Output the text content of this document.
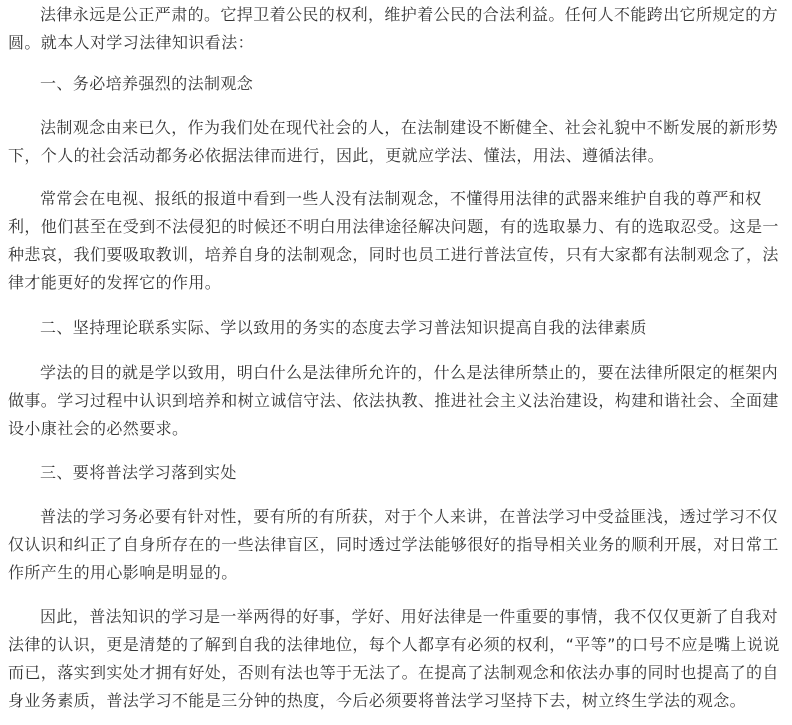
法律永远是公正严肃的。它捍卫着公民的权利，维护着公民的合法利益。任何人不能跨出它所规定的方圆。就本人对学习法律知识看法：

一、务必培养强烈的法制观念

法制观念由来已久，作为我们处在现代社会的人，在法制建设不断健全、社会礼貌中不断发展的新形势下，个人的社会活动都务必依据法律而进行，因此，更就应学法、懂法，用法、遵循法律。

常常会在电视、报纸的报道中看到一些人没有法制观念，不懂得用法律的武器来维护自我的尊严和权利，他们甚至在受到不法侵犯的时候还不明白用法律途径解决问题，有的选取暴力、有的选取忍受。这是一种悲哀，我们要吸取教训，培养自身的法制观念，同时也员工进行普法宣传，只有大家都有法制观念了，法律才能更好的发挥它的作用。

二、坚持理论联系实际、学以致用的务实的态度去学习普法知识提高自我的法律素质

学法的目的就是学以致用，明白什么是法律所允许的，什么是法律所禁止的，要在法律所限定的框架内做事。学习过程中认识到培养和树立诚信守法、依法执教、推进社会主义法治建设，构建和谐社会、全面建设小康社会的必然要求。

三、要将普法学习落到实处

普法的学习务必要有针对性，要有所的有所获，对于个人来讲，在普法学习中受益匪浅，透过学习不仅仅认识和纠正了自身所存在的一些法律盲区，同时透过学法能够很好的指导相关业务的顺利开展，对日常工作所产生的用心影响是明显的。

因此，普法知识的学习是一举两得的好事，学好、用好法律是一件重要的事情，我不仅仅更新了自我对法律的认识，更是清楚的了解到自我的法律地位，每个人都享有必须的权利，“平等”的口号不应是嘴上说说而已，落实到实处才拥有好处，否则有法也等于无法了。在提高了法制观念和依法办事的同时也提高了的自身业务素质，普法学习不能是三分钟的热度，今后必须要将普法学习坚持下去，树立终生学法的观念。
